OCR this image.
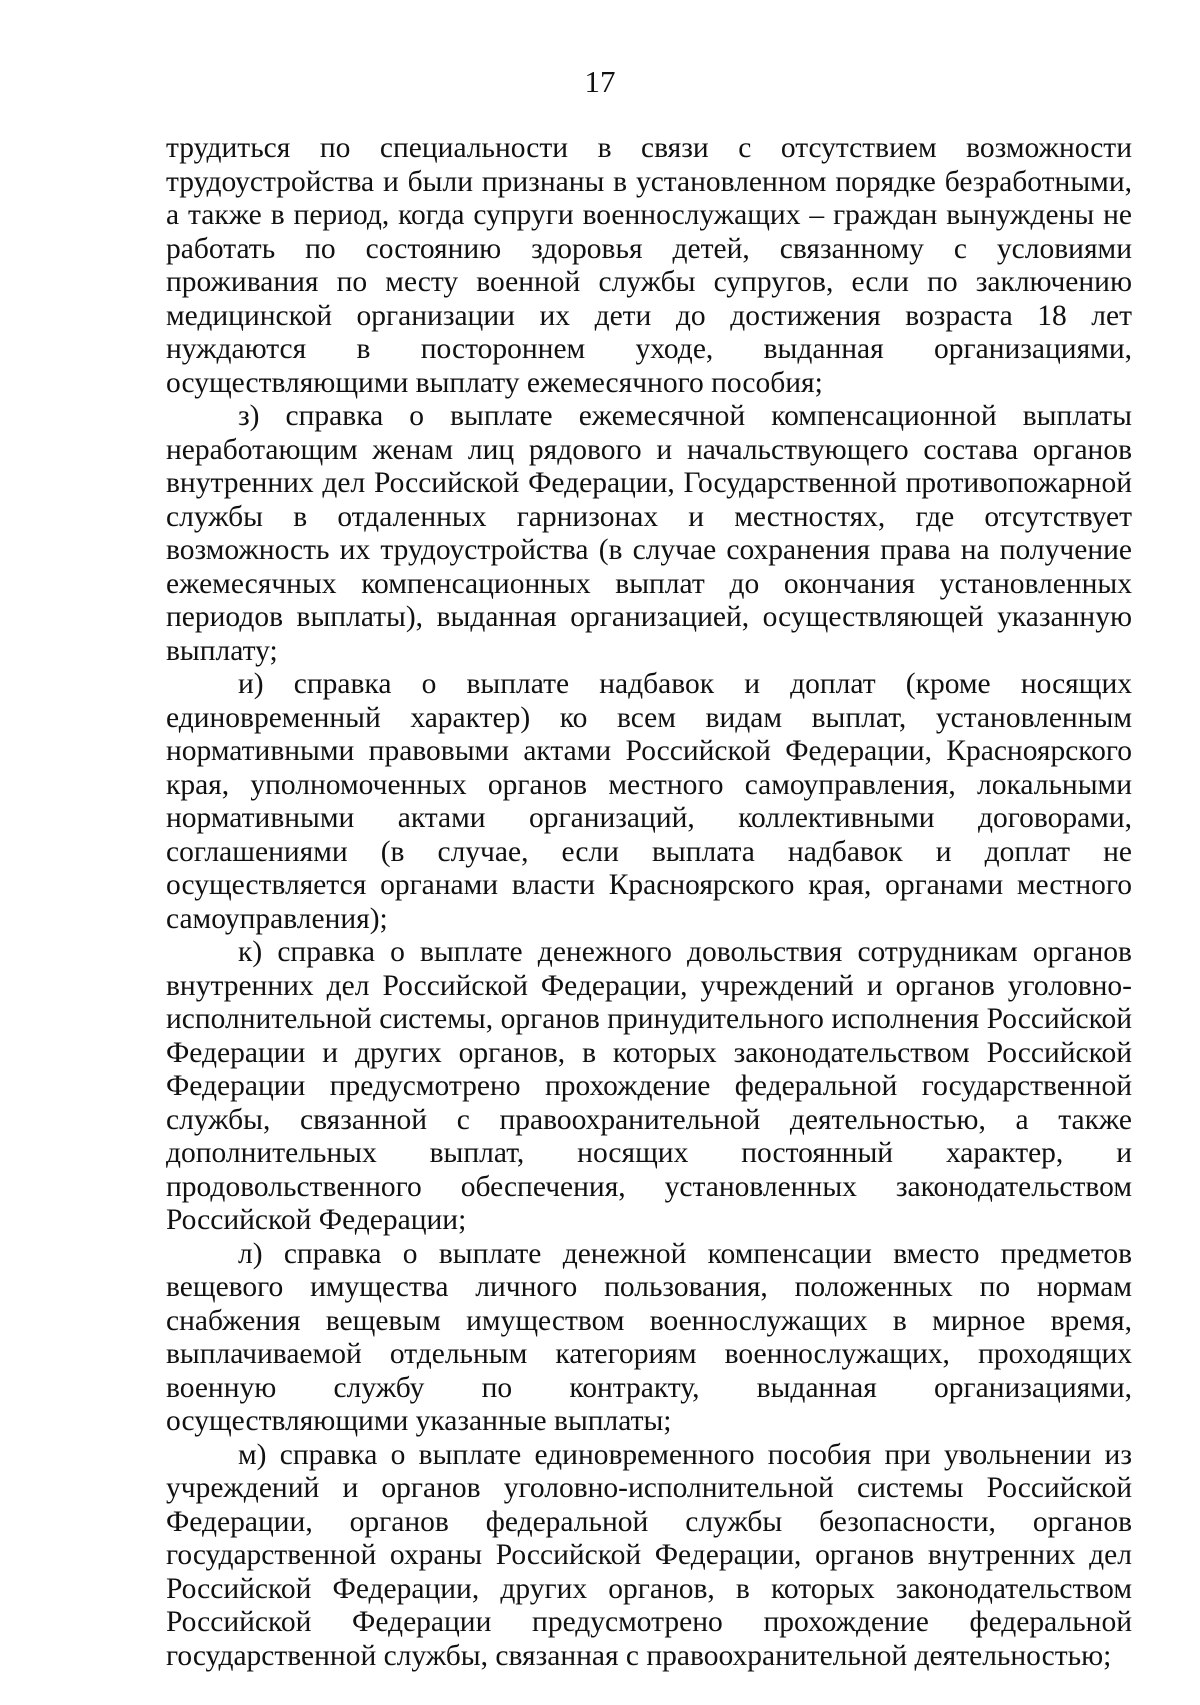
17

трудиться по специальности в связи с отсутствием возможности трудоустройства и были признаны в установленном порядке безработными, а также в период, когда супруги военнослужащих – граждан вынуждены не работать по состоянию здоровья детей, связанному с условиями проживания по месту военной службы супругов, если по заключению медицинской организации их дети до достижения возраста 18 лет нуждаются в постороннем уходе, выданная организациями, осуществляющими выплату ежемесячного пособия;

з) справка о выплате ежемесячной компенсационной выплаты неработающим женам лиц рядового и начальствующего состава органов внутренних дел Российской Федерации, Государственной противопожарной службы в отдаленных гарнизонах и местностях, где отсутствует возможность их трудоустройства (в случае сохранения права на получение ежемесячных компенсационных выплат до окончания установленных периодов выплаты), выданная организацией, осуществляющей указанную выплату;

и) справка о выплате надбавок и доплат (кроме носящих единовременный характер) ко всем видам выплат, установленным нормативными правовыми актами Российской Федерации, Красноярского края, уполномоченных органов местного самоуправления, локальными нормативными актами организаций, коллективными договорами, соглашениями (в случае, если выплата надбавок и доплат не осуществляется органами власти Красноярского края, органами местного самоуправления);

к) справка о выплате денежного довольствия сотрудникам органов внутренних дел Российской Федерации, учреждений и органов уголовно-исполнительной системы, органов принудительного исполнения Российской Федерации и других органов, в которых законодательством Российской Федерации предусмотрено прохождение федеральной государственной службы, связанной с правоохранительной деятельностью, а также дополнительных выплат, носящих постоянный характер, и продовольственного обеспечения, установленных законодательством Российской Федерации;

л) справка о выплате денежной компенсации вместо предметов вещевого имущества личного пользования, положенных по нормам снабжения вещевым имуществом военнослужащих в мирное время, выплачиваемой отдельным категориям военнослужащих, проходящих военную службу по контракту, выданная организациями, осуществляющими указанные выплаты;

м) справка о выплате единовременного пособия при увольнении из учреждений и органов уголовно-исполнительной системы Российской Федерации, органов федеральной службы безопасности, органов государственной охраны Российской Федерации, органов внутренних дел Российской Федерации, других органов, в которых законодательством Российской Федерации предусмотрено прохождение федеральной государственной службы, связанная с правоохранительной деятельностью;
